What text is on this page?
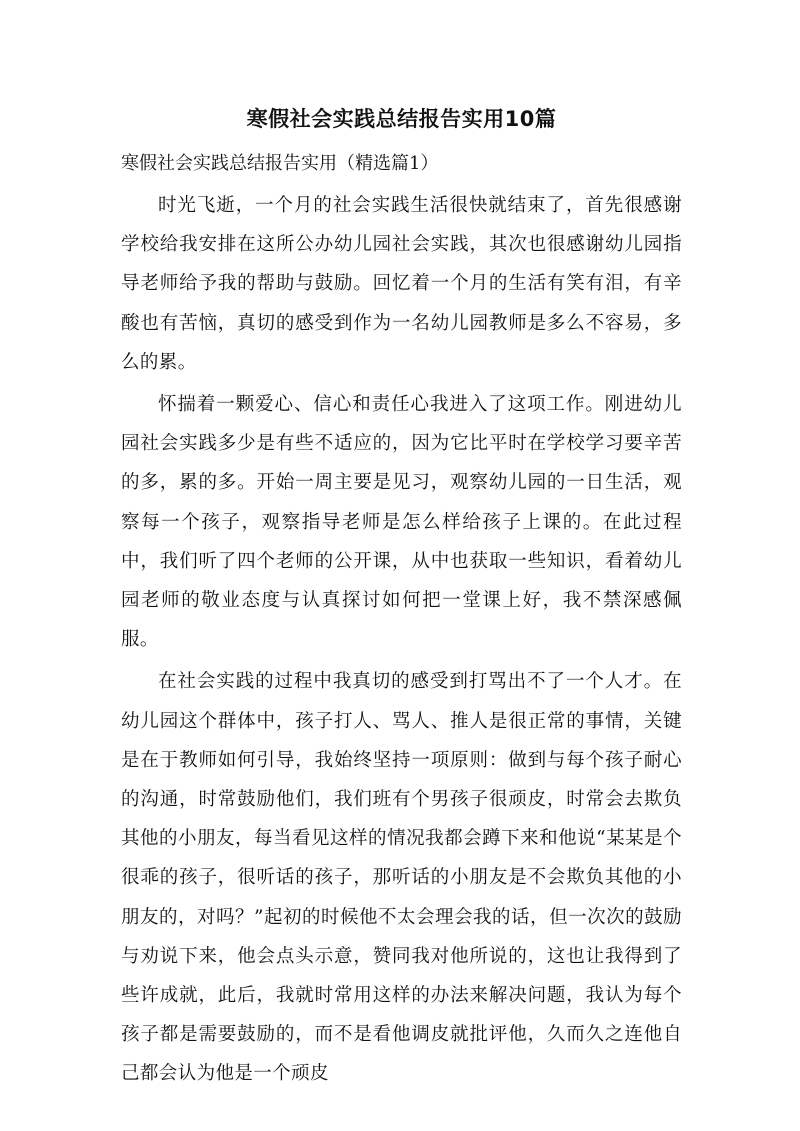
寒假社会实践总结报告实用10篇
寒假社会实践总结报告实用（精选篇1）

时光飞逝，一个月的社会实践生活很快就结束了，首先很感谢学校给我安排在这所公办幼儿园社会实践，其次也很感谢幼儿园指导老师给予我的帮助与鼓励。回忆着一个月的生活有笑有泪，有辛酸也有苦恼，真切的感受到作为一名幼儿园教师是多么不容易，多么的累。

怀揣着一颗爱心、信心和责任心我进入了这项工作。刚进幼儿园社会实践多少是有些不适应的，因为它比平时在学校学习要辛苦的多，累的多。开始一周主要是见习，观察幼儿园的一日生活，观察每一个孩子，观察指导老师是怎么样给孩子上课的。在此过程中，我们听了四个老师的公开课，从中也获取一些知识，看着幼儿园老师的敬业态度与认真探讨如何把一堂课上好，我不禁深感佩服。

在社会实践的过程中我真切的感受到打骂出不了一个人才。在幼儿园这个群体中，孩子打人、骂人、推人是很正常的事情，关键是在于教师如何引导，我始终坚持一项原则：做到与每个孩子耐心的沟通，时常鼓励他们，我们班有个男孩子很顽皮，时常会去欺负其他的小朋友，每当看见这样的情况我都会蹲下来和他说“某某是个很乖的孩子，很听话的孩子，那听话的小朋友是不会欺负其他的小朋友的，对吗？”起初的时候他不太会理会我的话，但一次次的鼓励与劝说下来，他会点头示意，赞同我对他所说的，这也让我得到了些许成就，此后，我就时常用这样的办法来解决问题，我认为每个孩子都是需要鼓励的，而不是看他调皮就批评他，久而久之连他自己都会认为他是一个顽皮
